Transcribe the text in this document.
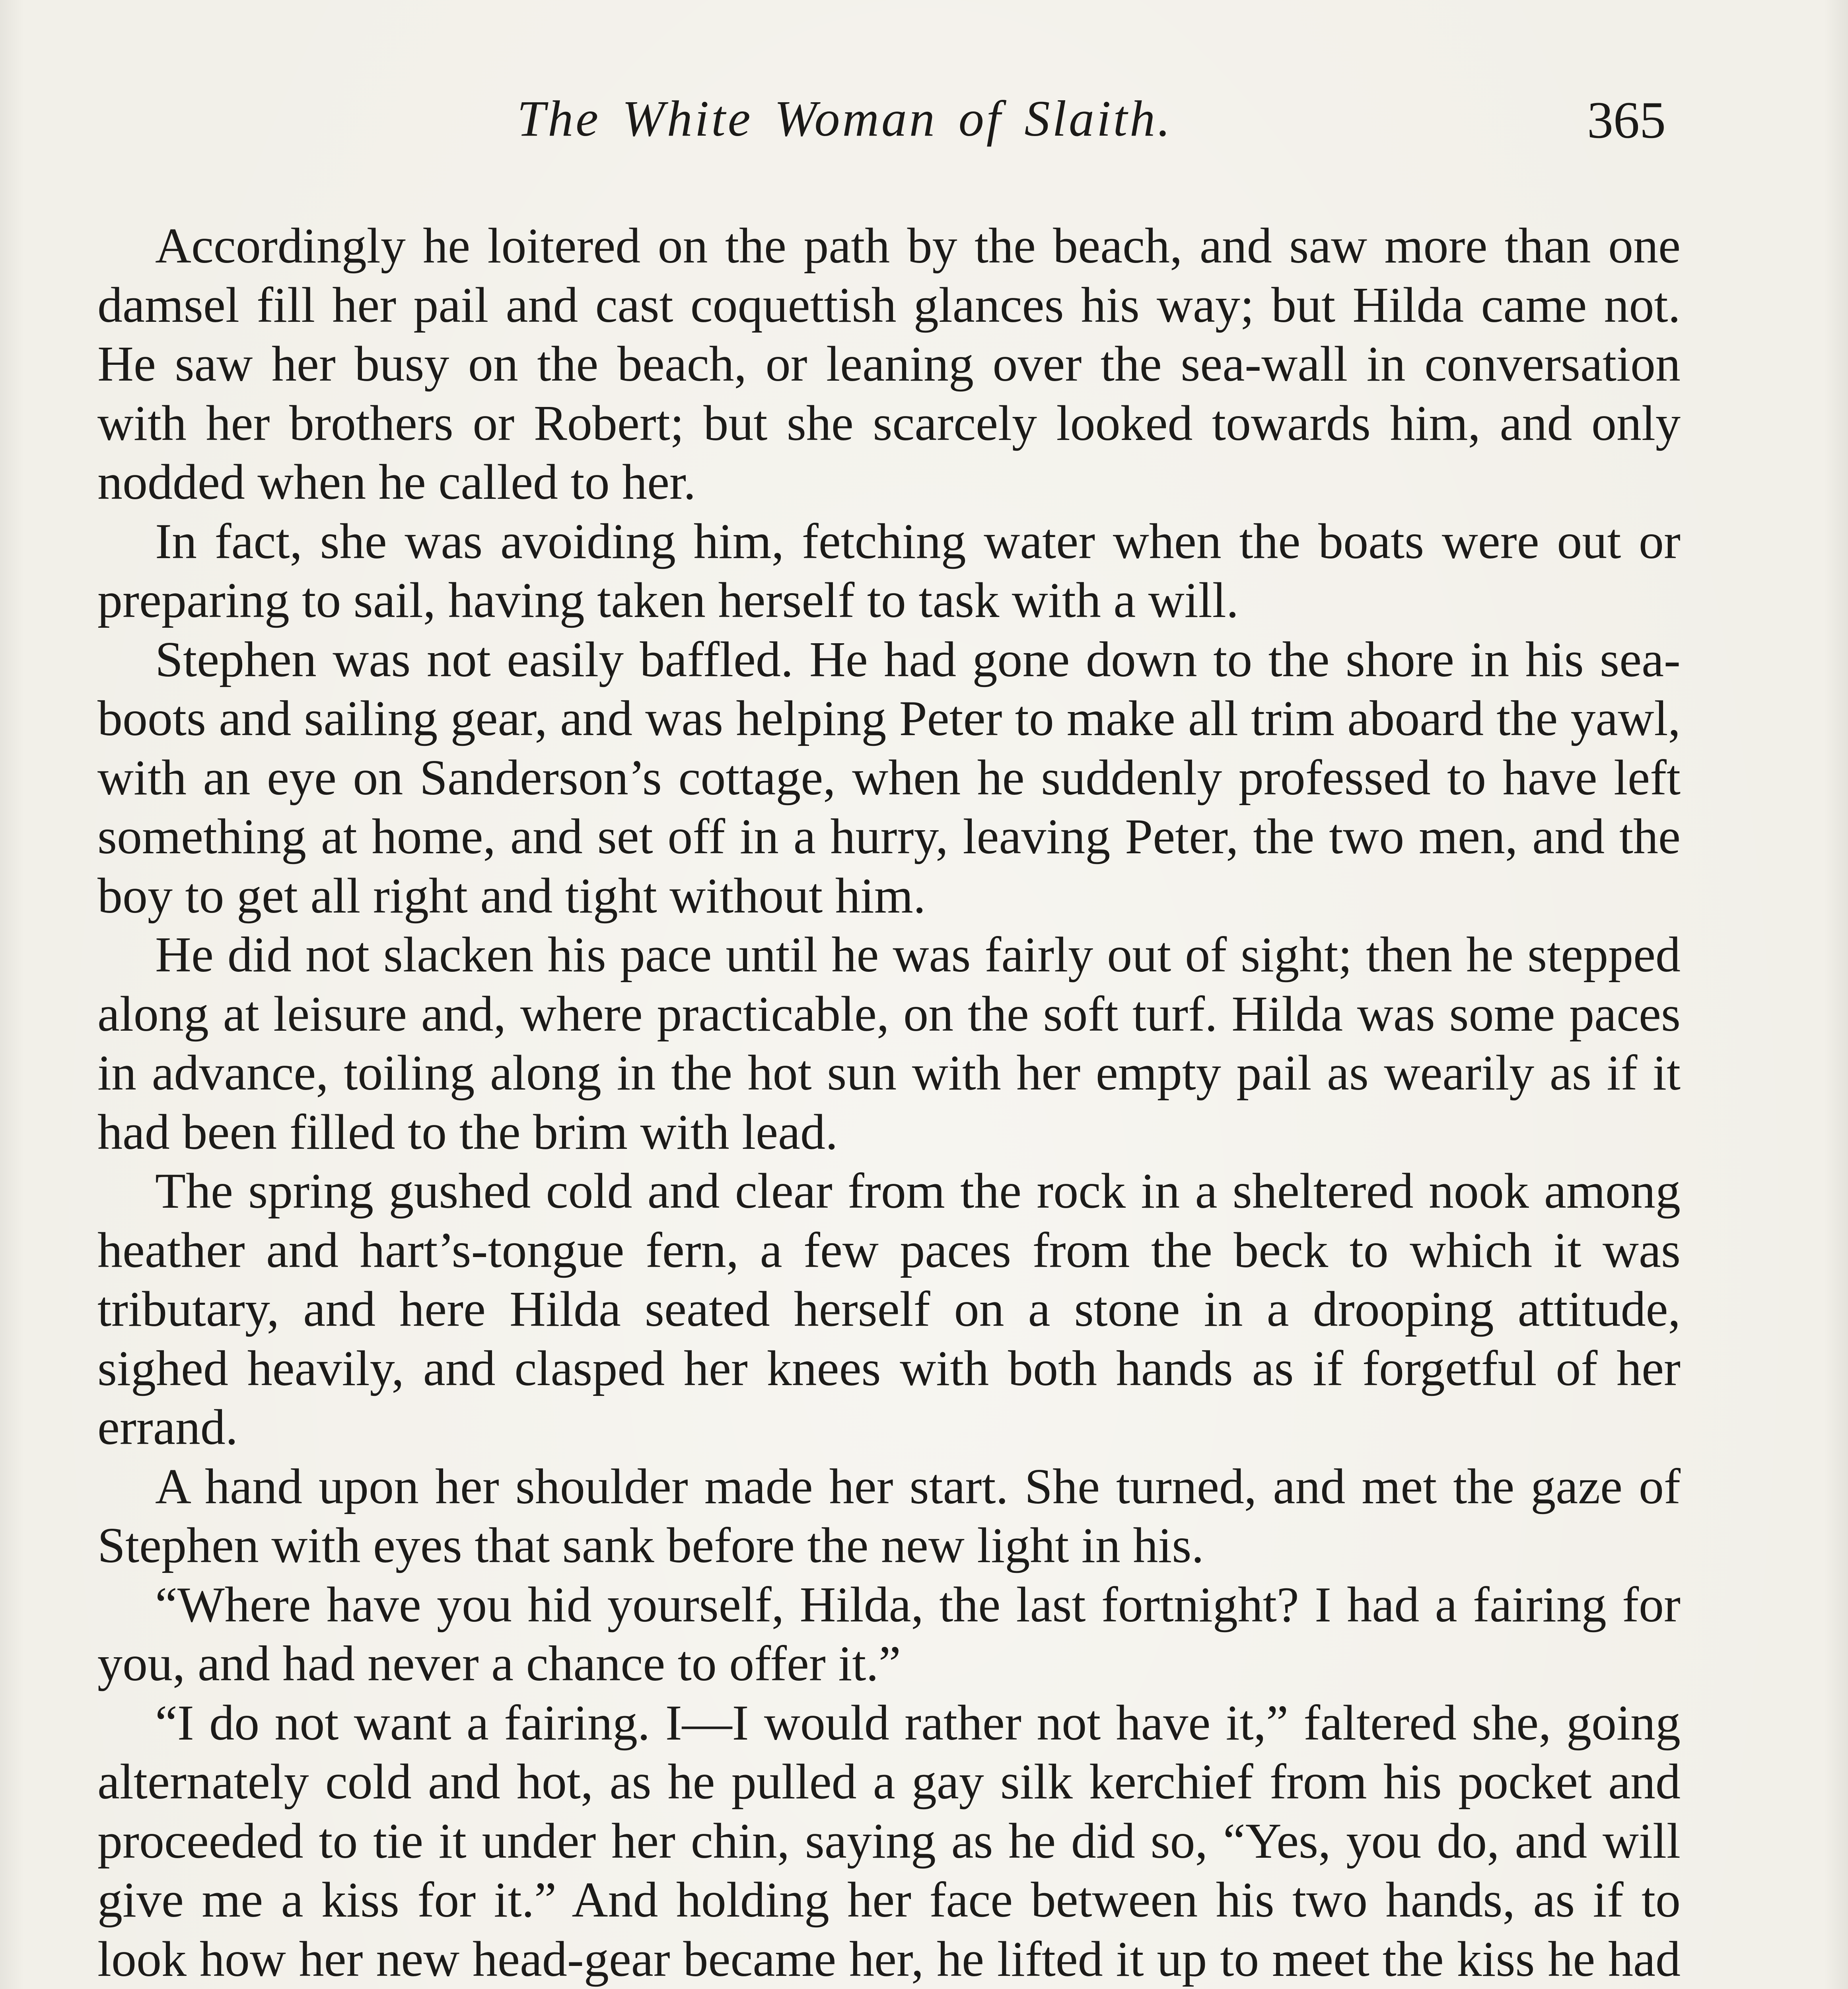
The White Woman of Slaith.	365

Accordingly he loitered on the path by the beach, and saw more than one damsel fill her pail and cast coquettish glances his way; but Hilda came not. He saw her busy on the beach, or leaning over the sea-wall in conversation with her brothers or Robert; but she scarcely looked towards him, and only nodded when he called to her.

In fact, she was avoiding him, fetching water when the boats were out or preparing to sail, having taken herself to task with a will.

Stephen was not easily baffled. He had gone down to the shore in his sea-boots and sailing gear, and was helping Peter to make all trim aboard the yawl, with an eye on Sanderson’s cottage, when he suddenly professed to have left something at home, and set off in a hurry, leaving Peter, the two men, and the boy to get all right and tight without him.

He did not slacken his pace until he was fairly out of sight; then he stepped along at leisure and, where practicable, on the soft turf. Hilda was some paces in advance, toiling along in the hot sun with her empty pail as wearily as if it had been filled to the brim with lead.

The spring gushed cold and clear from the rock in a sheltered nook among heather and hart’s-tongue fern, a few paces from the beck to which it was tributary, and here Hilda seated herself on a stone in a drooping attitude, sighed heavily, and clasped her knees with both hands as if forgetful of her errand.

A hand upon her shoulder made her start. She turned, and met the gaze of Stephen with eyes that sank before the new light in his.

“Where have you hid yourself, Hilda, the last fortnight? I had a fairing for you, and had never a chance to offer it.”

“I do not want a fairing. I—I would rather not have it,” faltered she, going alternately cold and hot, as he pulled a gay silk kerchief from his pocket and proceeded to tie it under her chin, saying as he did so, “Yes, you do, and will give me a kiss for it.” And holding her face between his two hands, as if to look how her new head-gear became her, he lifted it up to meet the kiss he had
